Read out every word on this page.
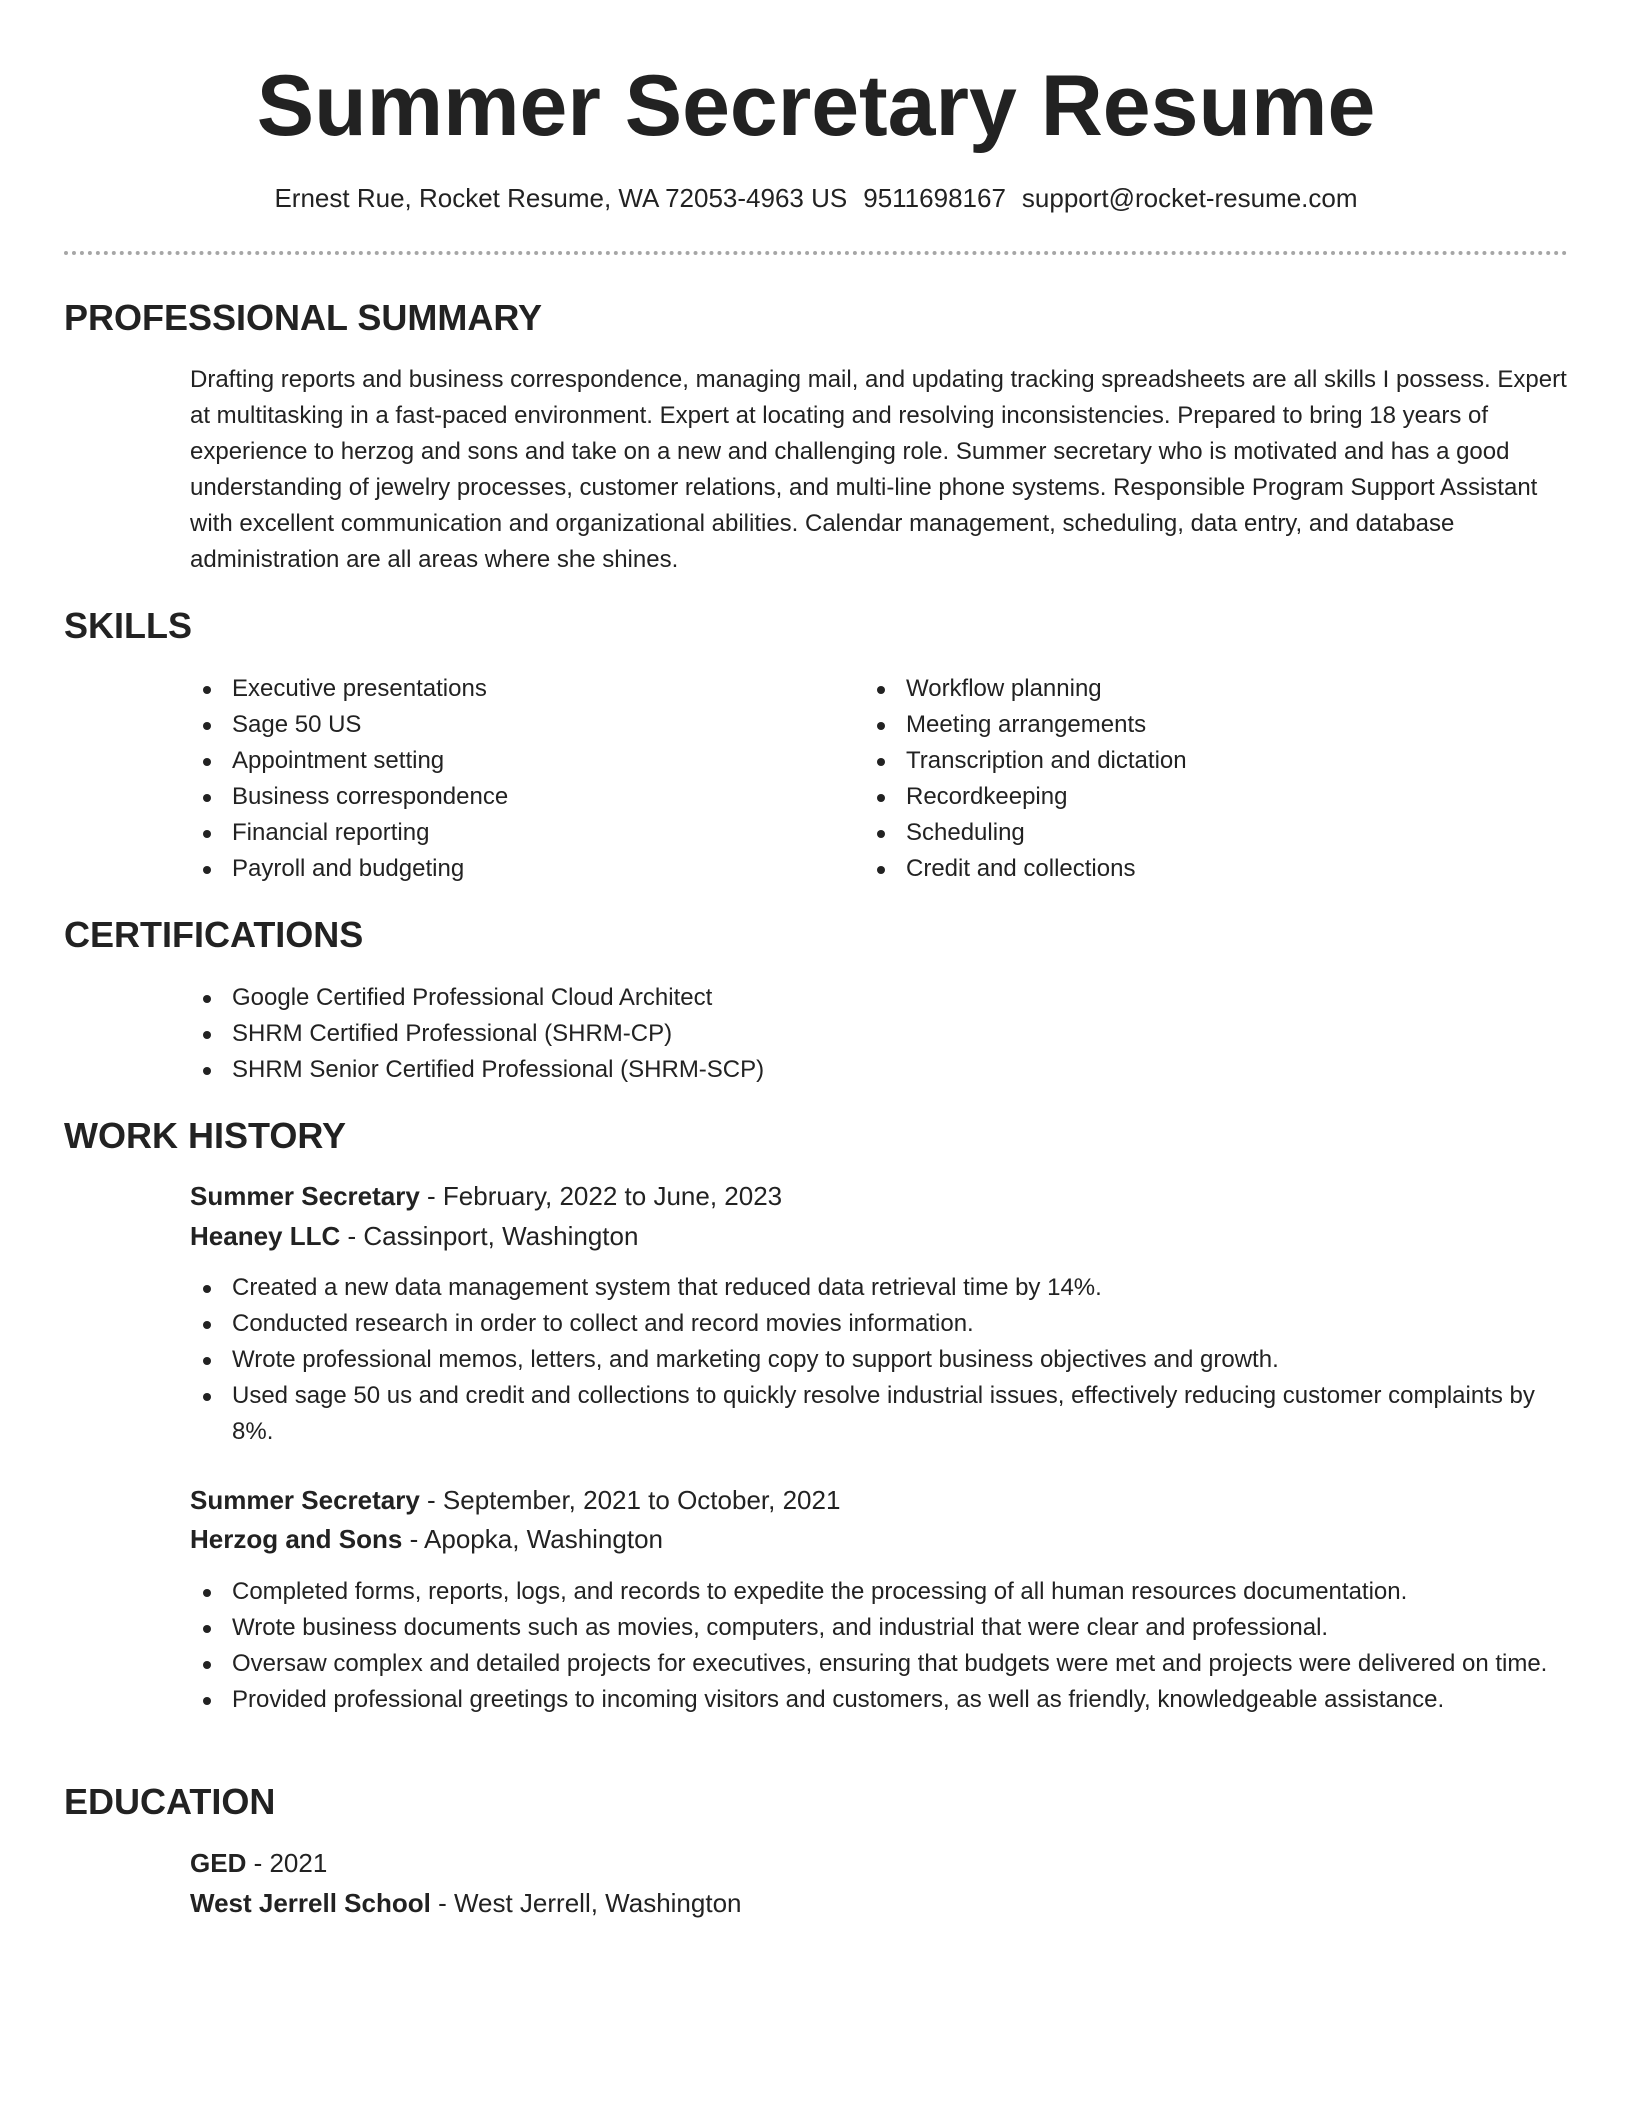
Summer Secretary Resume
Ernest Rue, Rocket Resume, WA 72053-4963 US 9511698167 support@rocket-resume.com
PROFESSIONAL SUMMARY

Drafting reports and business correspondence, managing mail, and updating tracking spreadsheets are all skills I possess. Expert at multitasking in a fast-paced environment. Expert at locating and resolving inconsistencies. Prepared to bring 18 years of experience to herzog and sons and take on a new and challenging role. Summer secretary who is motivated and has a good understanding of jewelry processes, customer relations, and multi-line phone systems. Responsible Program Support Assistant with excellent communication and organizational abilities. Calendar management, scheduling, data entry, and database administration are all areas where she shines.

SKILLS
Executive presentations
Sage 50 US
Appointment setting
Business correspondence
Financial reporting
Payroll and budgeting
Workflow planning
Meeting arrangements
Transcription and dictation
Recordkeeping
Scheduling
Credit and collections
CERTIFICATIONS
Google Certified Professional Cloud Architect
SHRM Certified Professional (SHRM-CP)
SHRM Senior Certified Professional (SHRM-SCP)
WORK HISTORY
Summer Secretary - February, 2022 to June, 2023
Heaney LLC - Cassinport, Washington
Created a new data management system that reduced data retrieval time by 14%.
Conducted research in order to collect and record movies information.
Wrote professional memos, letters, and marketing copy to support business objectives and growth.
Used sage 50 us and credit and collections to quickly resolve industrial issues, effectively reducing customer complaints by 8%.
Summer Secretary - September, 2021 to October, 2021
Herzog and Sons - Apopka, Washington
Completed forms, reports, logs, and records to expedite the processing of all human resources documentation.
Wrote business documents such as movies, computers, and industrial that were clear and professional.
Oversaw complex and detailed projects for executives, ensuring that budgets were met and projects were delivered on time.
Provided professional greetings to incoming visitors and customers, as well as friendly, knowledgeable assistance.
EDUCATION
GED - 2021
West Jerrell School - West Jerrell, Washington
